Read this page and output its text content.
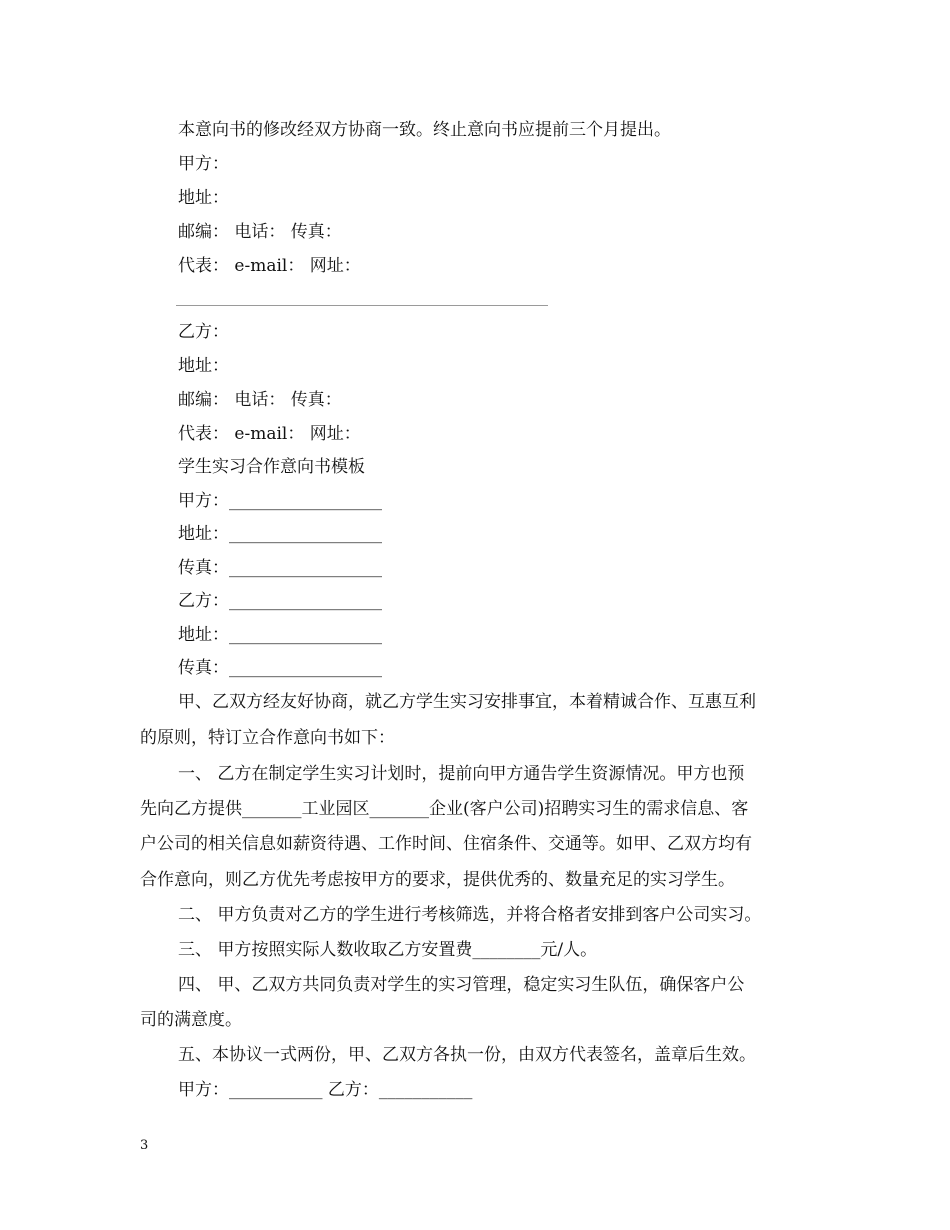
本意向书的修改经双方协商一致。终止意向书应提前三个月提出。
甲方：
地址：
邮编： 电话： 传真：
代表： e-mail： 网址：
乙方：
地址：
邮编： 电话： 传真：
代表： e-mail： 网址：
学生实习合作意向书模板
甲方：__________________
地址：__________________
传真：__________________
乙方：__________________
地址：__________________
传真：__________________
甲、乙双方经友好协商，就乙方学生实习安排事宜，本着精诚合作、互惠互利
的原则，特订立合作意向书如下：
一、 乙方在制定学生实习计划时，提前向甲方通告学生资源情况。甲方也预
先向乙方提供_______工业园区_______企业(客户公司)招聘实习生的需求信息、客
户公司的相关信息如薪资待遇、工作时间、住宿条件、交通等。如甲、乙双方均有
合作意向，则乙方优先考虑按甲方的要求，提供优秀的、数量充足的实习学生。
二、 甲方负责对乙方的学生进行考核筛选，并将合格者安排到客户公司实习。
三、 甲方按照实际人数收取乙方安置费________元/人。
四、 甲、乙双方共同负责对学生的实习管理，稳定实习生队伍，确保客户公
司的满意度。
五、本协议一式两份，甲、乙双方各执一份，由双方代表签名，盖章后生效。
甲方：___________ 乙方：___________
3
